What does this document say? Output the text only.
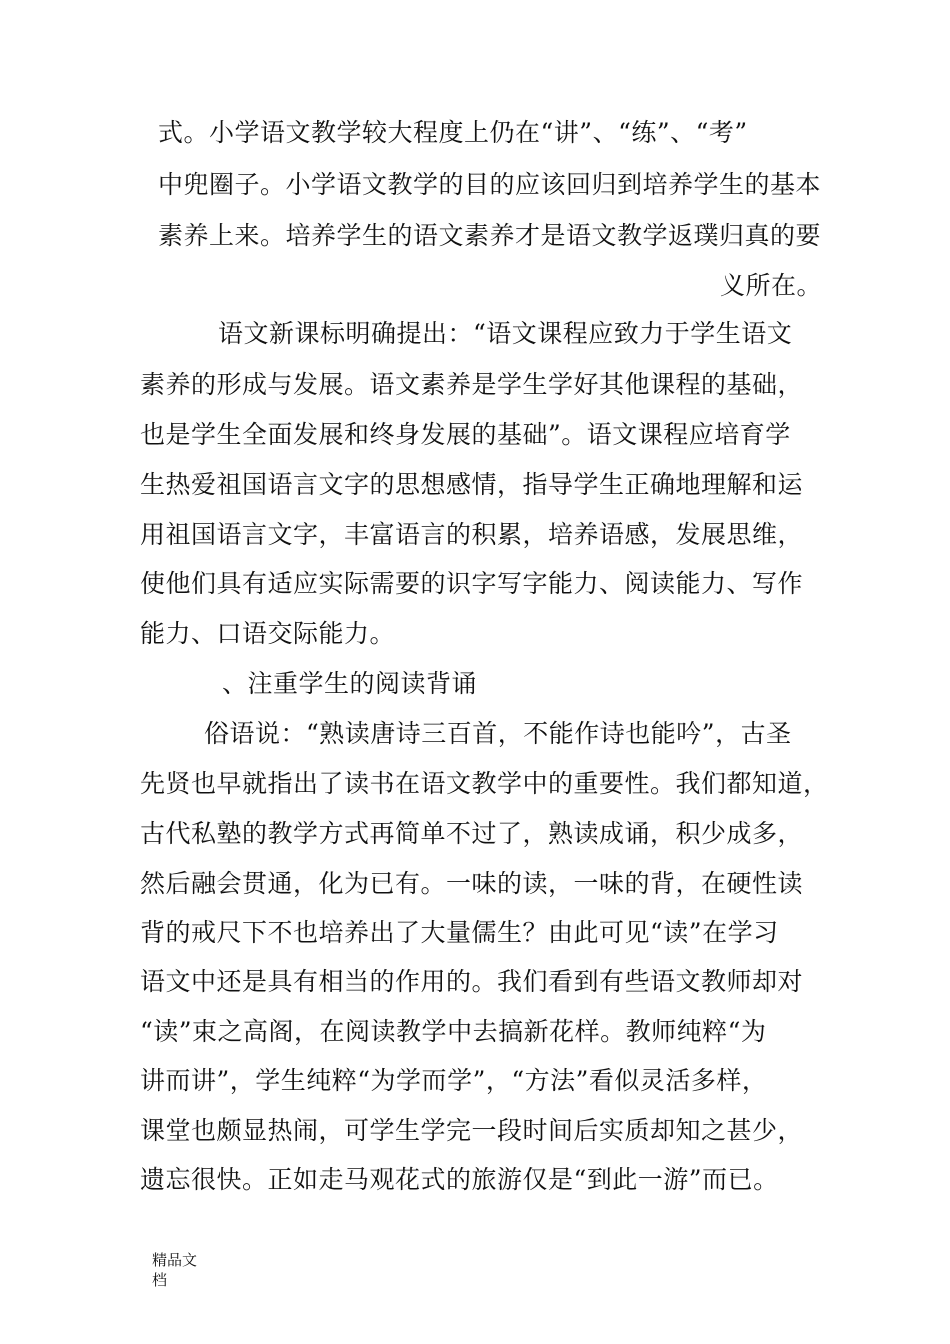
式。小学语文教学较大程度上仍在“讲”、“练”、“考”
中兜圈子。小学语文教学的目的应该回归到培养学生的基本
素养上来。培养学生的语文素养才是语文教学返璞归真的要
义所在。
语文新课标明确提出：“语文课程应致力于学生语文
素养的形成与发展。语文素养是学生学好其他课程的基础，
也是学生全面发展和终身发展的基础”。语文课程应培育学
生热爱祖国语言文字的思想感情，指导学生正确地理解和运
用祖国语言文字，丰富语言的积累，培养语感，发展思维，
使他们具有适应实际需要的识字写字能力、阅读能力、写作
能力、口语交际能力。
、注重学生的阅读背诵
俗语说：“熟读唐诗三百首，不能作诗也能吟”，古圣
先贤也早就指出了读书在语文教学中的重要性。我们都知道，
古代私塾的教学方式再简单不过了，熟读成诵，积少成多，
然后融会贯通，化为已有。一味的读，一味的背，在硬性读
背的戒尺下不也培养出了大量儒生？由此可见“读”在学习
语文中还是具有相当的作用的。我们看到有些语文教师却对
“读”束之高阁，在阅读教学中去搞新花样。教师纯粹“为
讲而讲”，学生纯粹“为学而学”，“方法”看似灵活多样，
课堂也颇显热闹，可学生学完一段时间后实质却知之甚少，
遗忘很快。正如走马观花式的旅游仅是“到此一游”而已。
精品文
档
